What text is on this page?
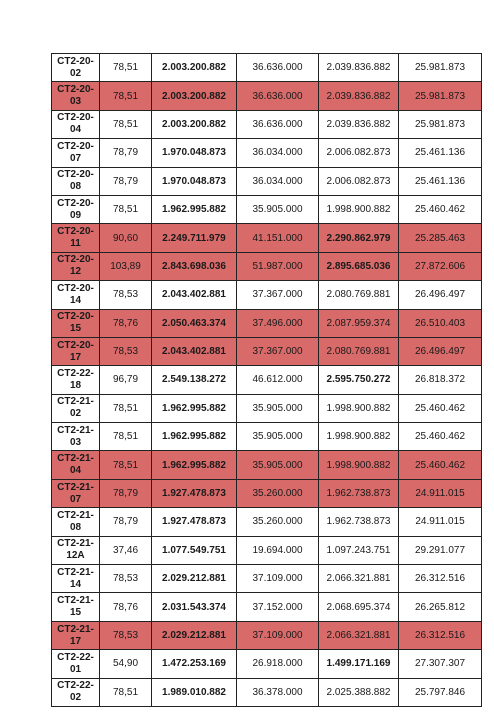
CT2-20-
02	78,51	2.003.200.882	36.636.000	2.039.836.882	25.981.873

CT2-20-
03	78,51	2.003.200.882	36.636.000	2.039.836.882	25.981.873

CT2-20-
04	78,51	2.003.200.882	36.636.000	2.039.836.882	25.981.873

CT2-20-
07	78,79	1.970.048.873	36.034.000	2.006.082.873	25.461.136

CT2-20-
08	78,79	1.970.048.873	36.034.000	2.006.082.873	25.461.136

CT2-20-
09	78,51	1.962.995.882	35.905.000	1.998.900.882	25.460.462

CT2-20-
11	90,60	2.249.711.979	41.151.000	2.290.862.979	25.285.463

CT2-20-
12	103,89	2.843.698.036	51.987.000	2.895.685.036	27.872.606

CT2-20-
14	78,53	2.043.402.881	37.367.000	2.080.769.881	26.496.497

CT2-20-
15	78,76	2.050.463.374	37.496.000	2.087.959.374	26.510.403

CT2-20-
17	78,53	2.043.402.881	37.367.000	2.080.769.881	26.496.497

CT2-22-
18	96,79	2.549.138.272	46.612.000	2.595.750.272	26.818.372

CT2-21-
02	78,51	1.962.995.882	35.905.000	1.998.900.882	25.460.462

CT2-21-
03	78,51	1.962.995.882	35.905.000	1.998.900.882	25.460.462

CT2-21-
04	78,51	1.962.995.882	35.905.000	1.998.900.882	25.460.462

CT2-21-
07	78,79	1.927.478.873	35.260.000	1.962.738.873	24.911.015

CT2-21-
08	78,79	1.927.478.873	35.260.000	1.962.738.873	24.911.015

CT2-21-
12A	37,46	1.077.549.751	19.694.000	1.097.243.751	29.291.077

CT2-21-
14	78,53	2.029.212.881	37.109.000	2.066.321.881	26.312.516

CT2-21-
15	78,76	2.031.543.374	37.152.000	2.068.695.374	26.265.812

CT2-21-
17	78,53	2.029.212.881	37.109.000	2.066.321.881	26.312.516

CT2-22-
01	54,90	1.472.253.169	26.918.000	1.499.171.169	27.307.307

CT2-22-
02	78,51	1.989.010.882	36.378.000	2.025.388.882	25.797.846
